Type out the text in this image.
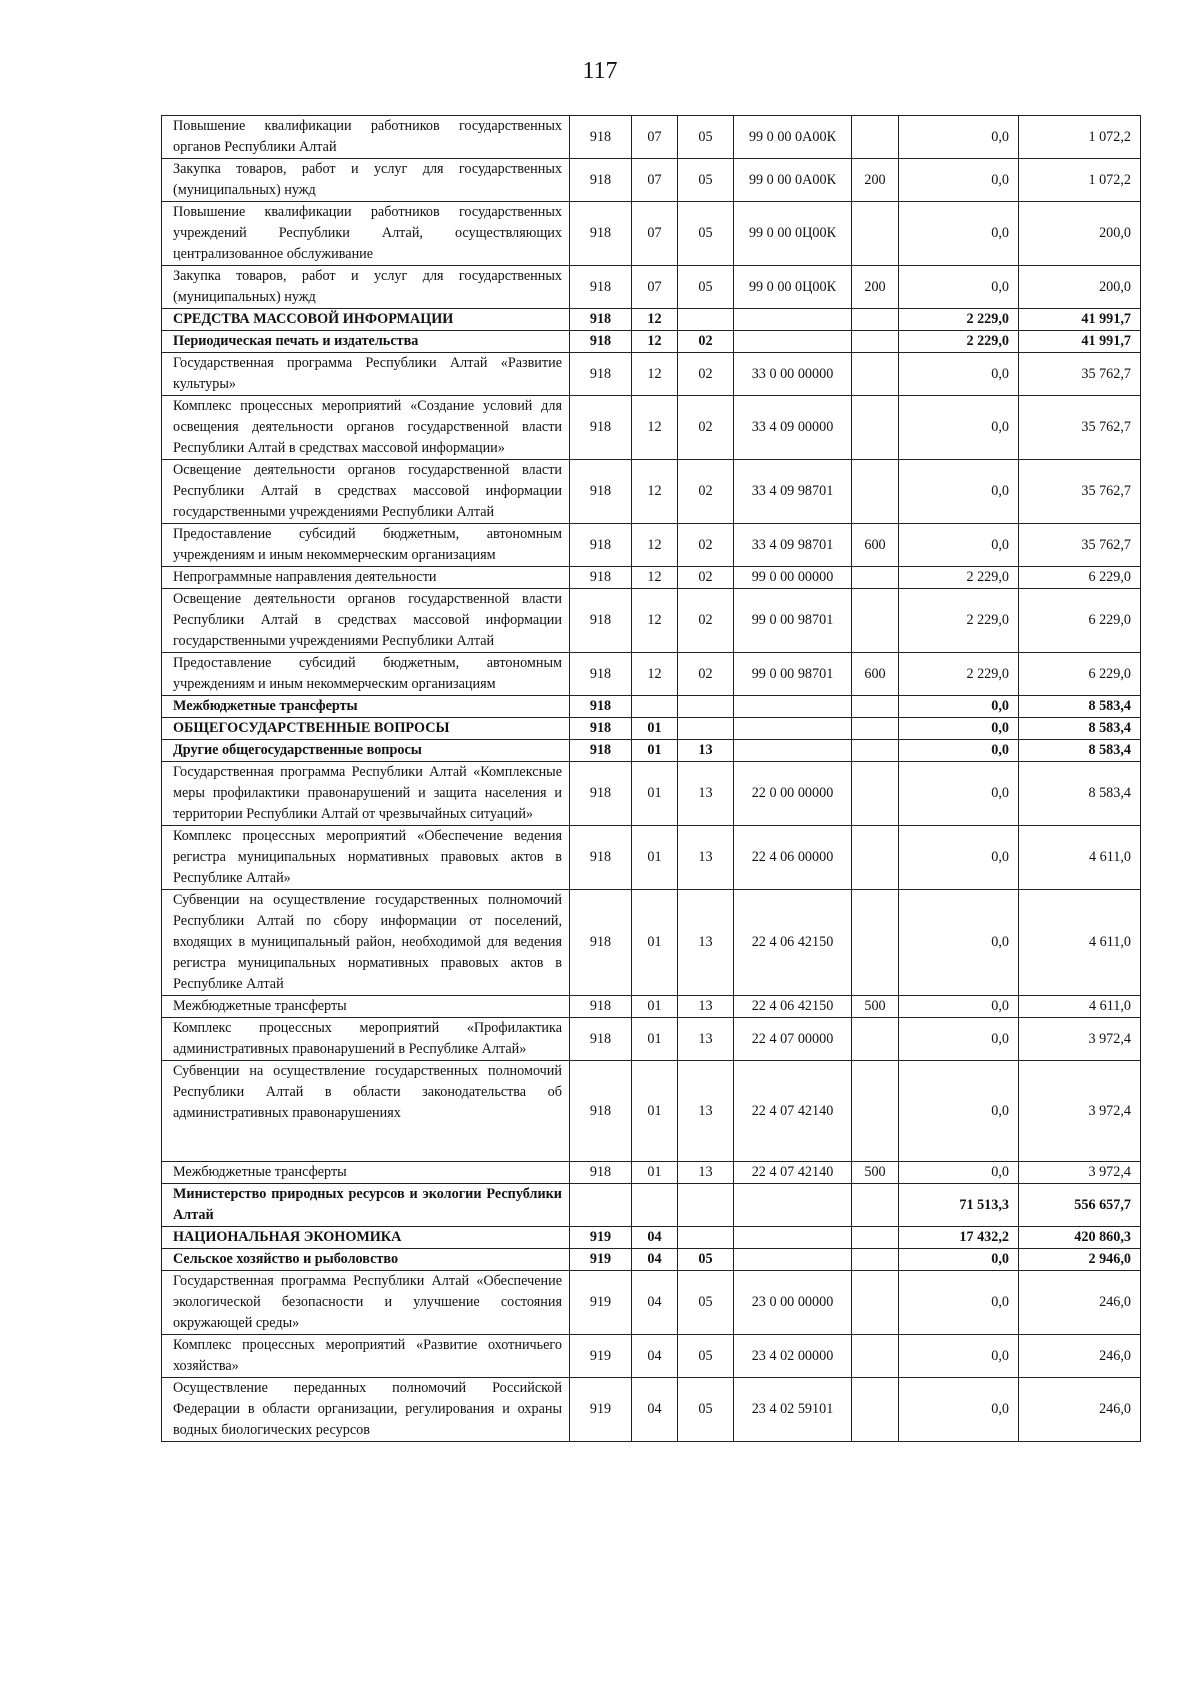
117
Повышение квалификации работников государственных органов Республики Алтай	918	07	05	99 0 00 0А00К		0,0	1 072,2
Закупка товаров, работ и услуг для государственных (муниципальных) нужд	918	07	05	99 0 00 0А00К	200	0,0	1 072,2
Повышение квалификации работников государственных учреждений Республики Алтай, осуществляющих централизованное обслуживание	918	07	05	99 0 00 0Ц00К		0,0	200,0
Закупка товаров, работ и услуг для государственных (муниципальных) нужд	918	07	05	99 0 00 0Ц00К	200	0,0	200,0
СРЕДСТВА МАССОВОЙ ИНФОРМАЦИИ	918	12				2 229,0	41 991,7
Периодическая печать и издательства	918	12	02			2 229,0	41 991,7
Государственная программа Республики Алтай «Развитие культуры»	918	12	02	33 0 00 00000		0,0	35 762,7
Комплекс процессных мероприятий «Создание условий для освещения деятельности органов государственной власти Республики Алтай в средствах массовой информации»	918	12	02	33 4 09 00000		0,0	35 762,7
Освещение деятельности органов государственной власти Республики Алтай в средствах массовой информации государственными учреждениями Республики Алтай	918	12	02	33 4 09 98701		0,0	35 762,7
Предоставление субсидий бюджетным, автономным учреждениям и иным некоммерческим организациям	918	12	02	33 4 09 98701	600	0,0	35 762,7
Непрограммные направления деятельности	918	12	02	99 0 00 00000		2 229,0	6 229,0
Освещение деятельности органов государственной власти Республики Алтай в средствах массовой информации государственными учреждениями Республики Алтай	918	12	02	99 0 00 98701		2 229,0	6 229,0
Предоставление субсидий бюджетным, автономным учреждениям и иным некоммерческим организациям	918	12	02	99 0 00 98701	600	2 229,0	6 229,0
Межбюджетные трансферты	918					0,0	8 583,4
ОБЩЕГОСУДАРСТВЕННЫЕ ВОПРОСЫ	918	01				0,0	8 583,4
Другие общегосударственные вопросы	918	01	13			0,0	8 583,4
Государственная программа Республики Алтай «Комплексные меры профилактики правонарушений и защита населения и территории Республики Алтай от чрезвычайных ситуаций»	918	01	13	22 0 00 00000		0,0	8 583,4
Комплекс процессных мероприятий «Обеспечение ведения регистра муниципальных нормативных правовых актов в Республике Алтай»	918	01	13	22 4 06 00000		0,0	4 611,0
Субвенции на осуществление государственных полномочий Республики Алтай по сбору информации от поселений, входящих в муниципальный район, необходимой для ведения регистра муниципальных нормативных правовых актов в Республике Алтай	918	01	13	22 4 06 42150		0,0	4 611,0
Межбюджетные трансферты	918	01	13	22 4 06 42150	500	0,0	4 611,0
Комплекс процессных мероприятий «Профилактика административных правонарушений в Республике Алтай»	918	01	13	22 4 07 00000		0,0	3 972,4
Субвенции на осуществление государственных полномочий Республики Алтай в области законодательства об административных правонарушениях	918	01	13	22 4 07 42140		0,0	3 972,4
Межбюджетные трансферты	918	01	13	22 4 07 42140	500	0,0	3 972,4
Министерство природных ресурсов и экологии Республики Алтай						71 513,3	556 657,7
НАЦИОНАЛЬНАЯ ЭКОНОМИКА	919	04				17 432,2	420 860,3
Сельское хозяйство и рыболовство	919	04	05			0,0	2 946,0
Государственная программа Республики Алтай «Обеспечение экологической безопасности и улучшение состояния окружающей среды»	919	04	05	23 0 00 00000		0,0	246,0
Комплекс процессных мероприятий «Развитие охотничьего хозяйства»	919	04	05	23 4 02 00000		0,0	246,0
Осуществление переданных полномочий Российской Федерации в области организации, регулирования и охраны водных биологических ресурсов	919	04	05	23 4 02 59101		0,0	246,0
